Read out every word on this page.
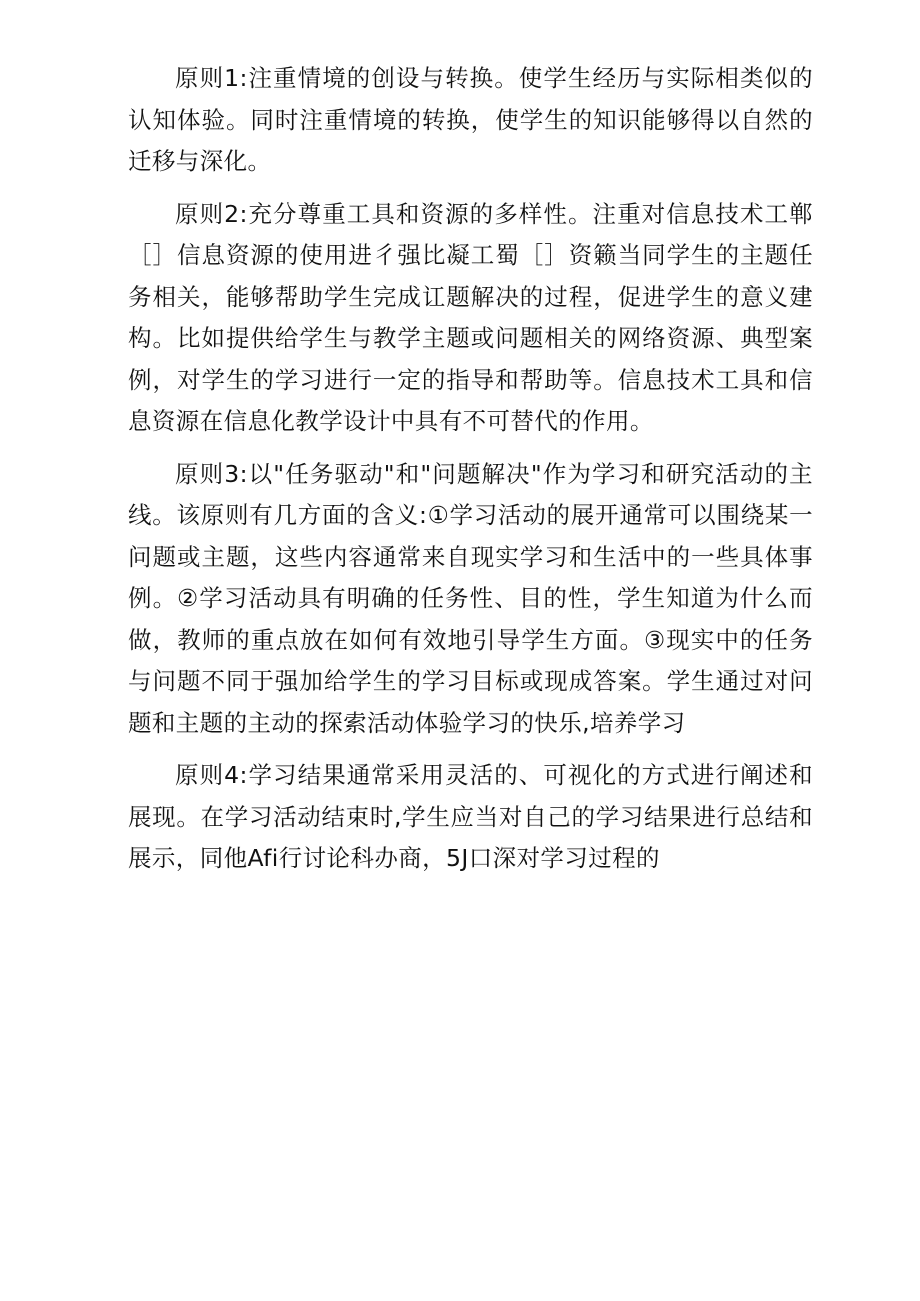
原则1:注重情境的创设与转换。使学生经历与实际相类似的认知体验。同时注重情境的转换，使学生的知识能够得以自然的迁移与深化。

原则2:充分尊重工具和资源的多样性。注重对信息技术工郸［］信息资源的使用进彳强比凝工蜀［］资籁当同学生的主题任务相关，能够帮助学生完成讧题解决的过程，促进学生的意义建构。比如提供给学生与教学主题或问题相关的网络资源、典型案例，对学生的学习进行一定的指导和帮助等。信息技术工具和信息资源在信息化教学设计中具有不可替代的作用。

原则3:以"任务驱动"和"问题解决"作为学习和研究活动的主线。该原则有几方面的含义:①学习活动的展开通常可以围绕某一问题或主题，这些内容通常来自现实学习和生活中的一些具体事例。②学习活动具有明确的任务性、目的性，学生知道为什么而做，教师的重点放在如何有效地引导学生方面。③现实中的任务与问题不同于强加给学生的学习目标或现成答案。学生通过对问题和主题的主动的探索活动体验学习的快乐,培养学习

原则4:学习结果通常采用灵活的、可视化的方式进行阐述和展现。在学习活动结束时,学生应当对自己的学习结果进行总结和展示，同他Afi行讨论科办商，5J口深对学习过程的
